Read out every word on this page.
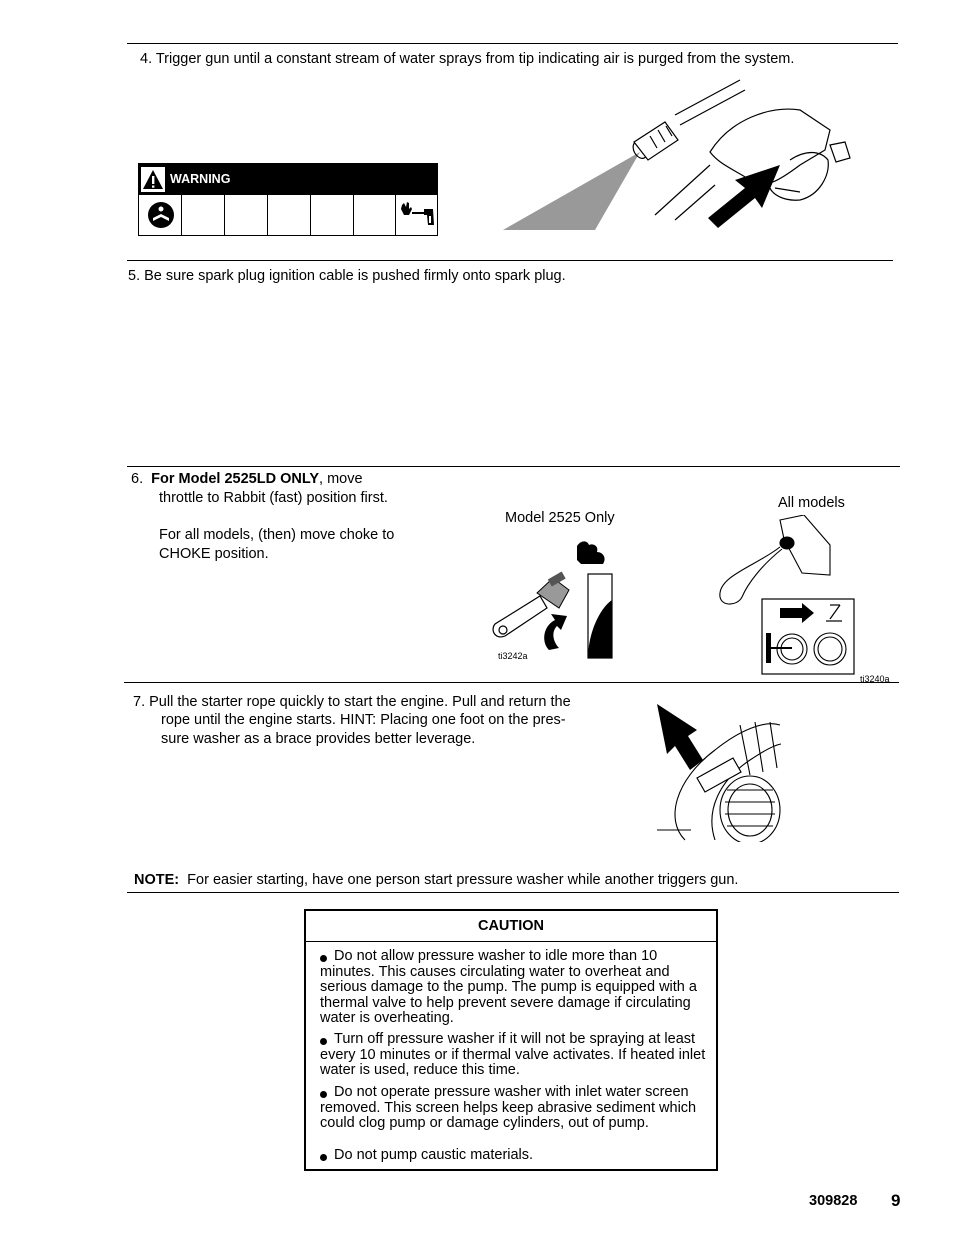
4. Trigger gun until a constant stream of water sprays from tip indicating air is purged from the system.
WARNING
5. Be sure spark plug ignition cable is pushed firmly onto spark plug.
6. For Model 2525LD ONLY, move
throttle to Rabbit (fast) position first.
For all models, (then) move choke to
CHOKE position.
Model 2525 Only
All models
ti3242a
ti3240a
7. Pull the starter rope quickly to start the engine. Pull and return the
rope until the engine starts. HINT: Placing one foot on the pres-
sure washer as a brace provides better leverage.
NOTE: For easier starting, have one person start pressure washer while another triggers gun.
CAUTION
Do not allow pressure washer to idle more than 10 minutes. This causes circulating water to overheat and serious damage to the pump. The pump is equipped with a thermal valve to help prevent severe damage if circulating water is overheating.
Turn off pressure washer if it will not be spraying at least every 10 minutes or if thermal valve activates. If heated inlet water is used, reduce this time.
Do not operate pressure washer with inlet water screen removed. This screen helps keep abrasive sediment which could clog pump or damage cylinders, out of pump.
Do not pump caustic materials.
309828 9
